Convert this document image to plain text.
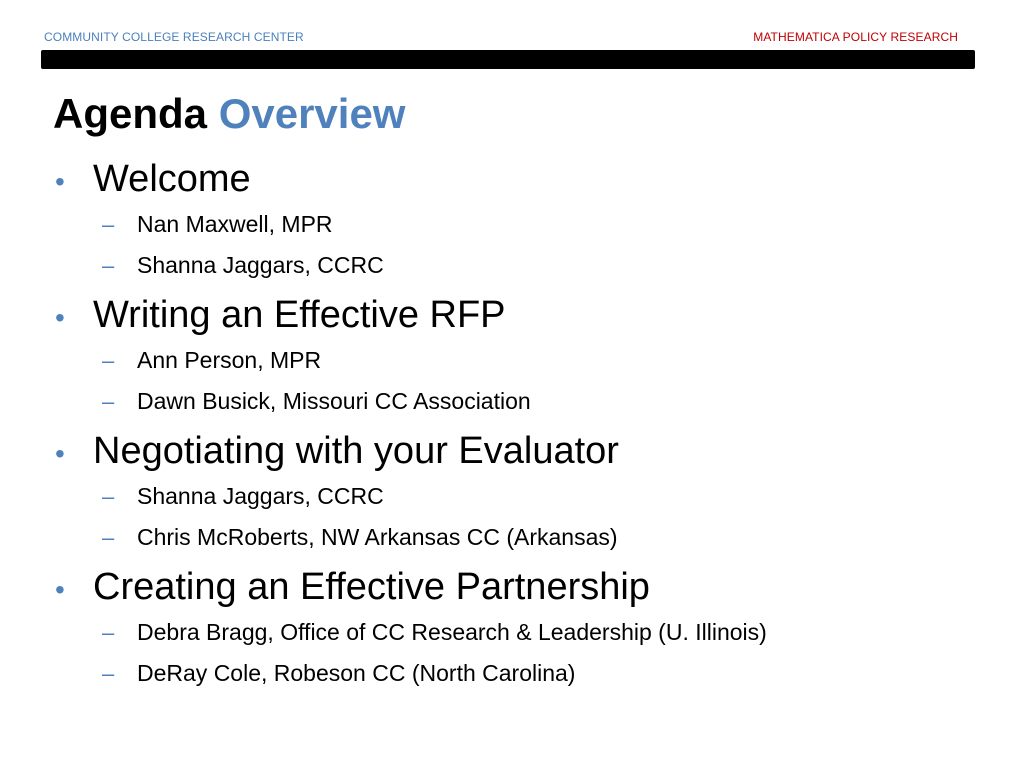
COMMUNITY COLLEGE RESEARCH CENTER	MATHEMATICA POLICY RESEARCH
Agenda Overview
• Welcome
– Nan Maxwell, MPR
– Shanna Jaggars, CCRC
• Writing an Effective RFP
– Ann Person, MPR
– Dawn Busick, Missouri CC Association
• Negotiating with your Evaluator
– Shanna Jaggars, CCRC
– Chris McRoberts, NW Arkansas CC (Arkansas)
• Creating an Effective Partnership
– Debra Bragg, Office of CC Research & Leadership (U. Illinois)
– DeRay Cole, Robeson CC (North Carolina)
